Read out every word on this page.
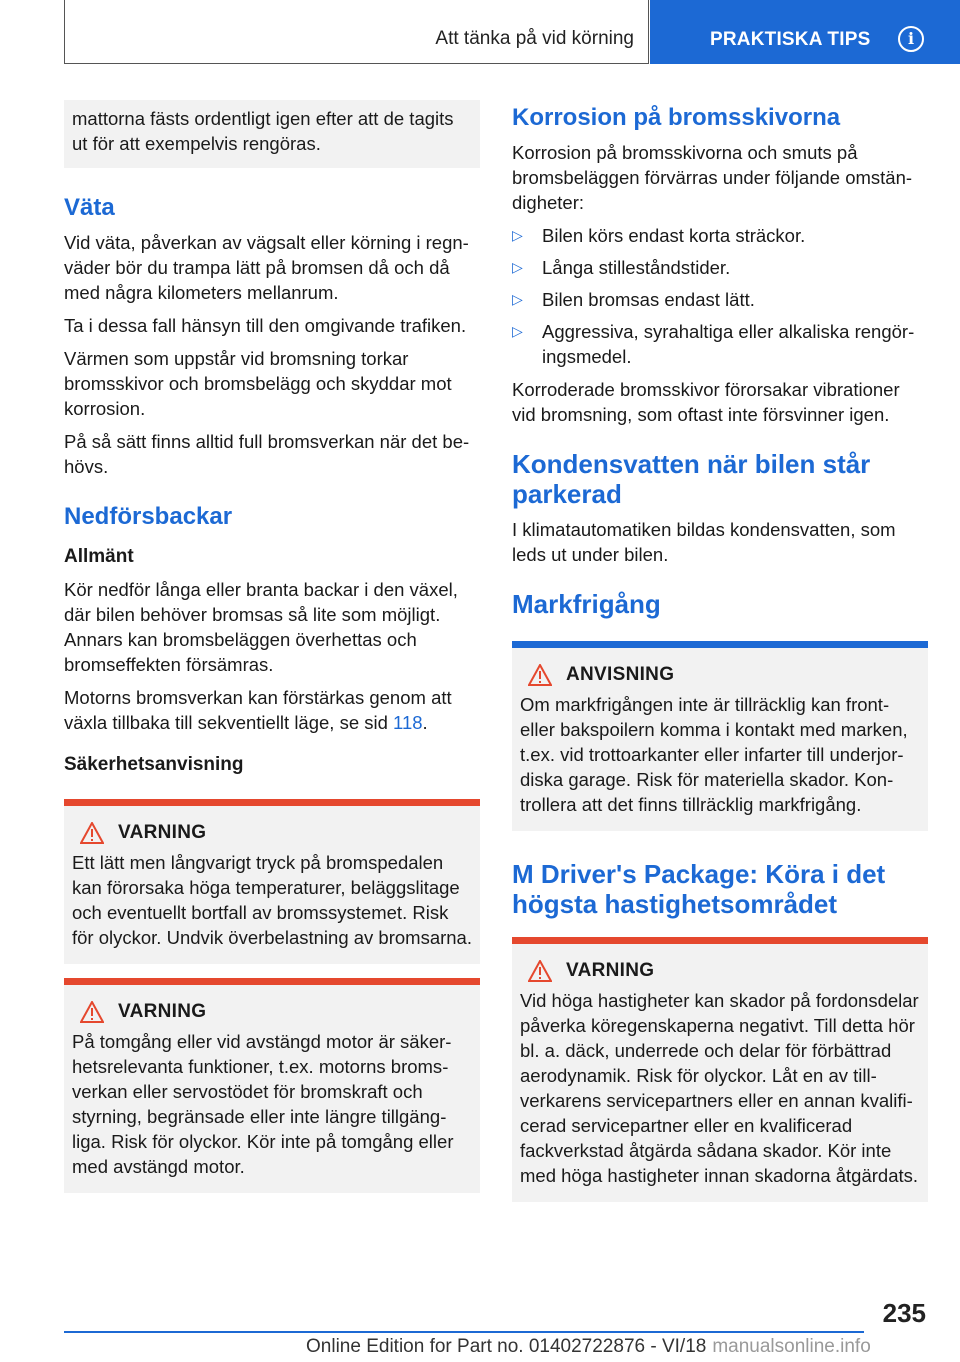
Att tänka på vid körning	PRAKTISKA TIPS	i

mattorna fästs ordentligt igen efter att de tagits ut för att exempelvis rengöras.

Väta

Vid väta, påverkan av vägsalt eller körning i regnväder bör du trampa lätt på bromsen då och då med några kilometers mellanrum.

Ta i dessa fall hänsyn till den omgivande trafiken.

Värmen som uppstår vid bromsning torkar bromsskivor och bromsbelägg och skyddar mot korrosion.

På så sätt finns alltid full bromsverkan när det behövs.

Nedförsbackar
Allmänt

Kör nedför långa eller branta backar i den växel, där bilen behöver bromsas så lite som möjligt. Annars kan bromsbeläggen överhettas och bromseffekten försämras.

Motorns bromsverkan kan förstärkas genom att växla tillbaka till sekventiellt läge, se sid 118.

Säkerhetsanvisning
VARNING

Ett lätt men långvarigt tryck på bromspedalen kan förorsaka höga temperaturer, beläggslitage och eventuellt bortfall av bromssystemet. Risk för olyckor. Undvik överbelastning av bromsarna.

VARNING

På tomgång eller vid avstängd motor är säkerhetsrelevanta funktioner, t.ex. motorns bromsverkan eller servostödet för bromskraft och styrning, begränsade eller inte längre tillgängliga. Risk för olyckor. Kör inte på tomgång eller med avstängd motor.

Korrosion på bromsskivorna

Korrosion på bromsskivorna och smuts på bromsbeläggen förvärras under följande omständigheter:

▷	Bilen körs endast korta sträckor.
▷	Långa stilleståndstider.
▷	Bilen bromsas endast lätt.
▷	Aggressiva, syrahaltiga eller alkaliska rengöringsmedel.

Korroderade bromsskivor förorsakar vibrationer vid bromsning, som oftast inte försvinner igen.

Kondensvatten när bilen står parkerad

I klimatautomatiken bildas kondensvatten, som leds ut under bilen.

Markfrigång
ANVISNING

Om markfrigången inte är tillräcklig kan front- eller bakspoilern komma i kontakt med marken, t.ex. vid trottoarkanter eller infarter till underjordiska garage. Risk för materiella skador. Kontrollera att det finns tillräcklig markfrigång.

M Driver's Package: Köra i det högsta hastighetsområdet
VARNING

Vid höga hastigheter kan skador på fordonsdelar påverka köregenskaperna negativt. Till detta hör bl. a. däck, underrede och delar för förbättrad aerodynamik. Risk för olyckor. Låt en av tillverkarens servicepartners eller en annan kvalificerad servicepartner eller en kvalificerad fackverkstad åtgärda sådana skador. Kör inte med höga hastigheter innan skadorna åtgärdats.

235
Online Edition for Part no. 01402722876 - VI/18 manualsonline.info
